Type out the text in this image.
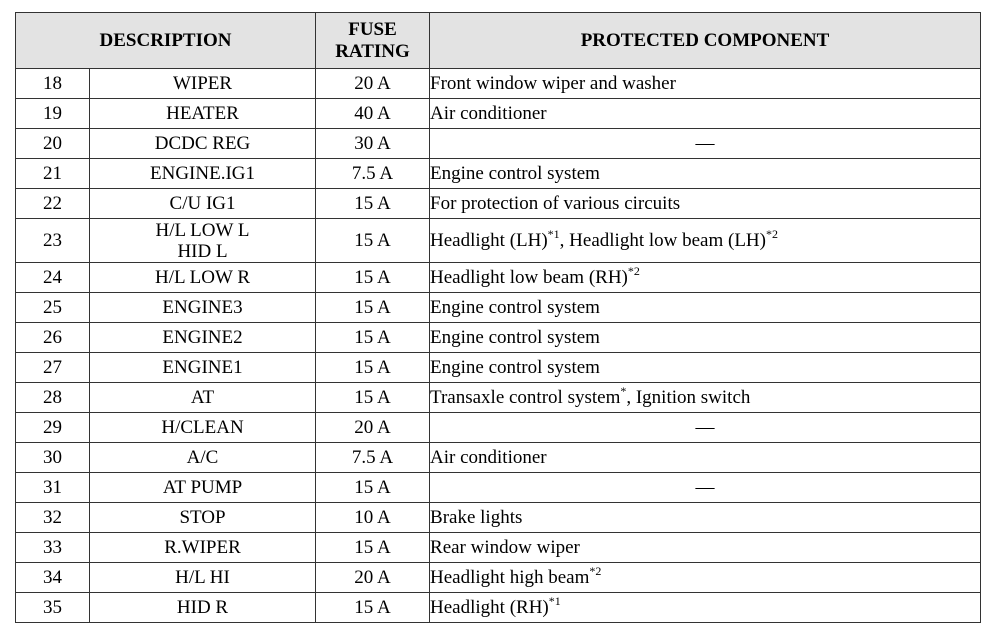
DESCRIPTION		FUSE
RATING	PROTECTED COMPONENT
18	WIPER	20 A	Front window wiper and washer
19	HEATER	40 A	Air conditioner
20	DCDC REG	30 A	—
21	ENGINE.IG1	7.5 A	Engine control system
22	C/U IG1	15 A	For protection of various circuits
23	H/L LOW L
HID L	15 A	Headlight (LH)$^{*1}$, Headlight low beam (LH)$^{*2}$
24	H/L LOW R	15 A	Headlight low beam (RH)$^{*2}$
25	ENGINE3	15 A	Engine control system
26	ENGINE2	15 A	Engine control system
27	ENGINE1	15 A	Engine control system
28	AT	15 A	Transaxle control system*, Ignition switch
29	H/CLEAN	20 A	—
30	A/C	7.5 A	Air conditioner
31	AT PUMP	15 A	—
32	STOP	10 A	Brake lights
33	R.WIPER	15 A	Rear window wiper
34	H/L HI	20 A	Headlight high beam$^{*2}$
35	HID R	15 A	Headlight (RH)$^{*1}$
